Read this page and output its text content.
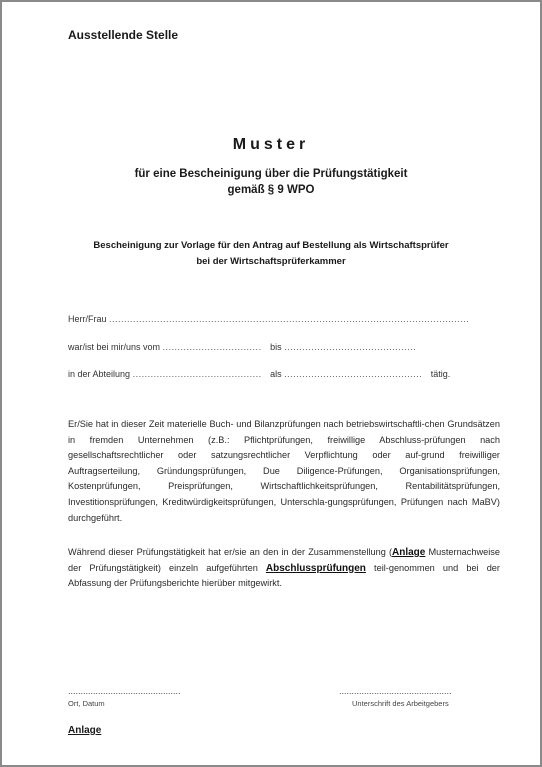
Ausstellende Stelle
Muster
für eine Bescheinigung über die Prüfungstätigkeit
gemäß § 9 WPO
Bescheinigung zur Vorlage für den Antrag auf Bestellung als Wirtschaftsprüfer
bei der Wirtschaftsprüferkammer
Herr/Frau ........................................................................................................................
war/ist bei mir/uns vom ................................. bis ............................................
in der Abteilung ........................................... als .............................................. tätig.
Er/Sie hat in dieser Zeit materielle Buch- und Bilanzprüfungen nach betriebswirtschaftli-chen Grundsätzen in fremden Unternehmen (z.B.: Pflichtprüfungen, freiwillige Abschluss-prüfungen nach gesellschaftsrechtlicher oder satzungsrechtlicher Verpflichtung oder auf-grund freiwilliger Auftragserteilung, Gründungsprüfungen, Due Diligence-Prüfungen, Organisationsprüfungen, Kostenprüfungen, Preisprüfungen, Wirtschaftlichkeitsprüfungen, Rentabilitätsprüfungen, Investitionsprüfungen, Kreditwürdigkeitsprüfungen, Unterschla-gungsprüfungen, Prüfungen nach MaBV) durchgeführt.
Während dieser Prüfungstätigkeit hat er/sie an den in der Zusammenstellung (Anlage Musternachweise der Prüfungstätigkeit) einzeln aufgeführten Abschlussprüfungen teil-genommen und bei der Abfassung der Prüfungsberichte hierüber mitgewirkt.
.............................................
Ort, Datum
.............................................
Unterschrift des Arbeitgebers
Anlage
